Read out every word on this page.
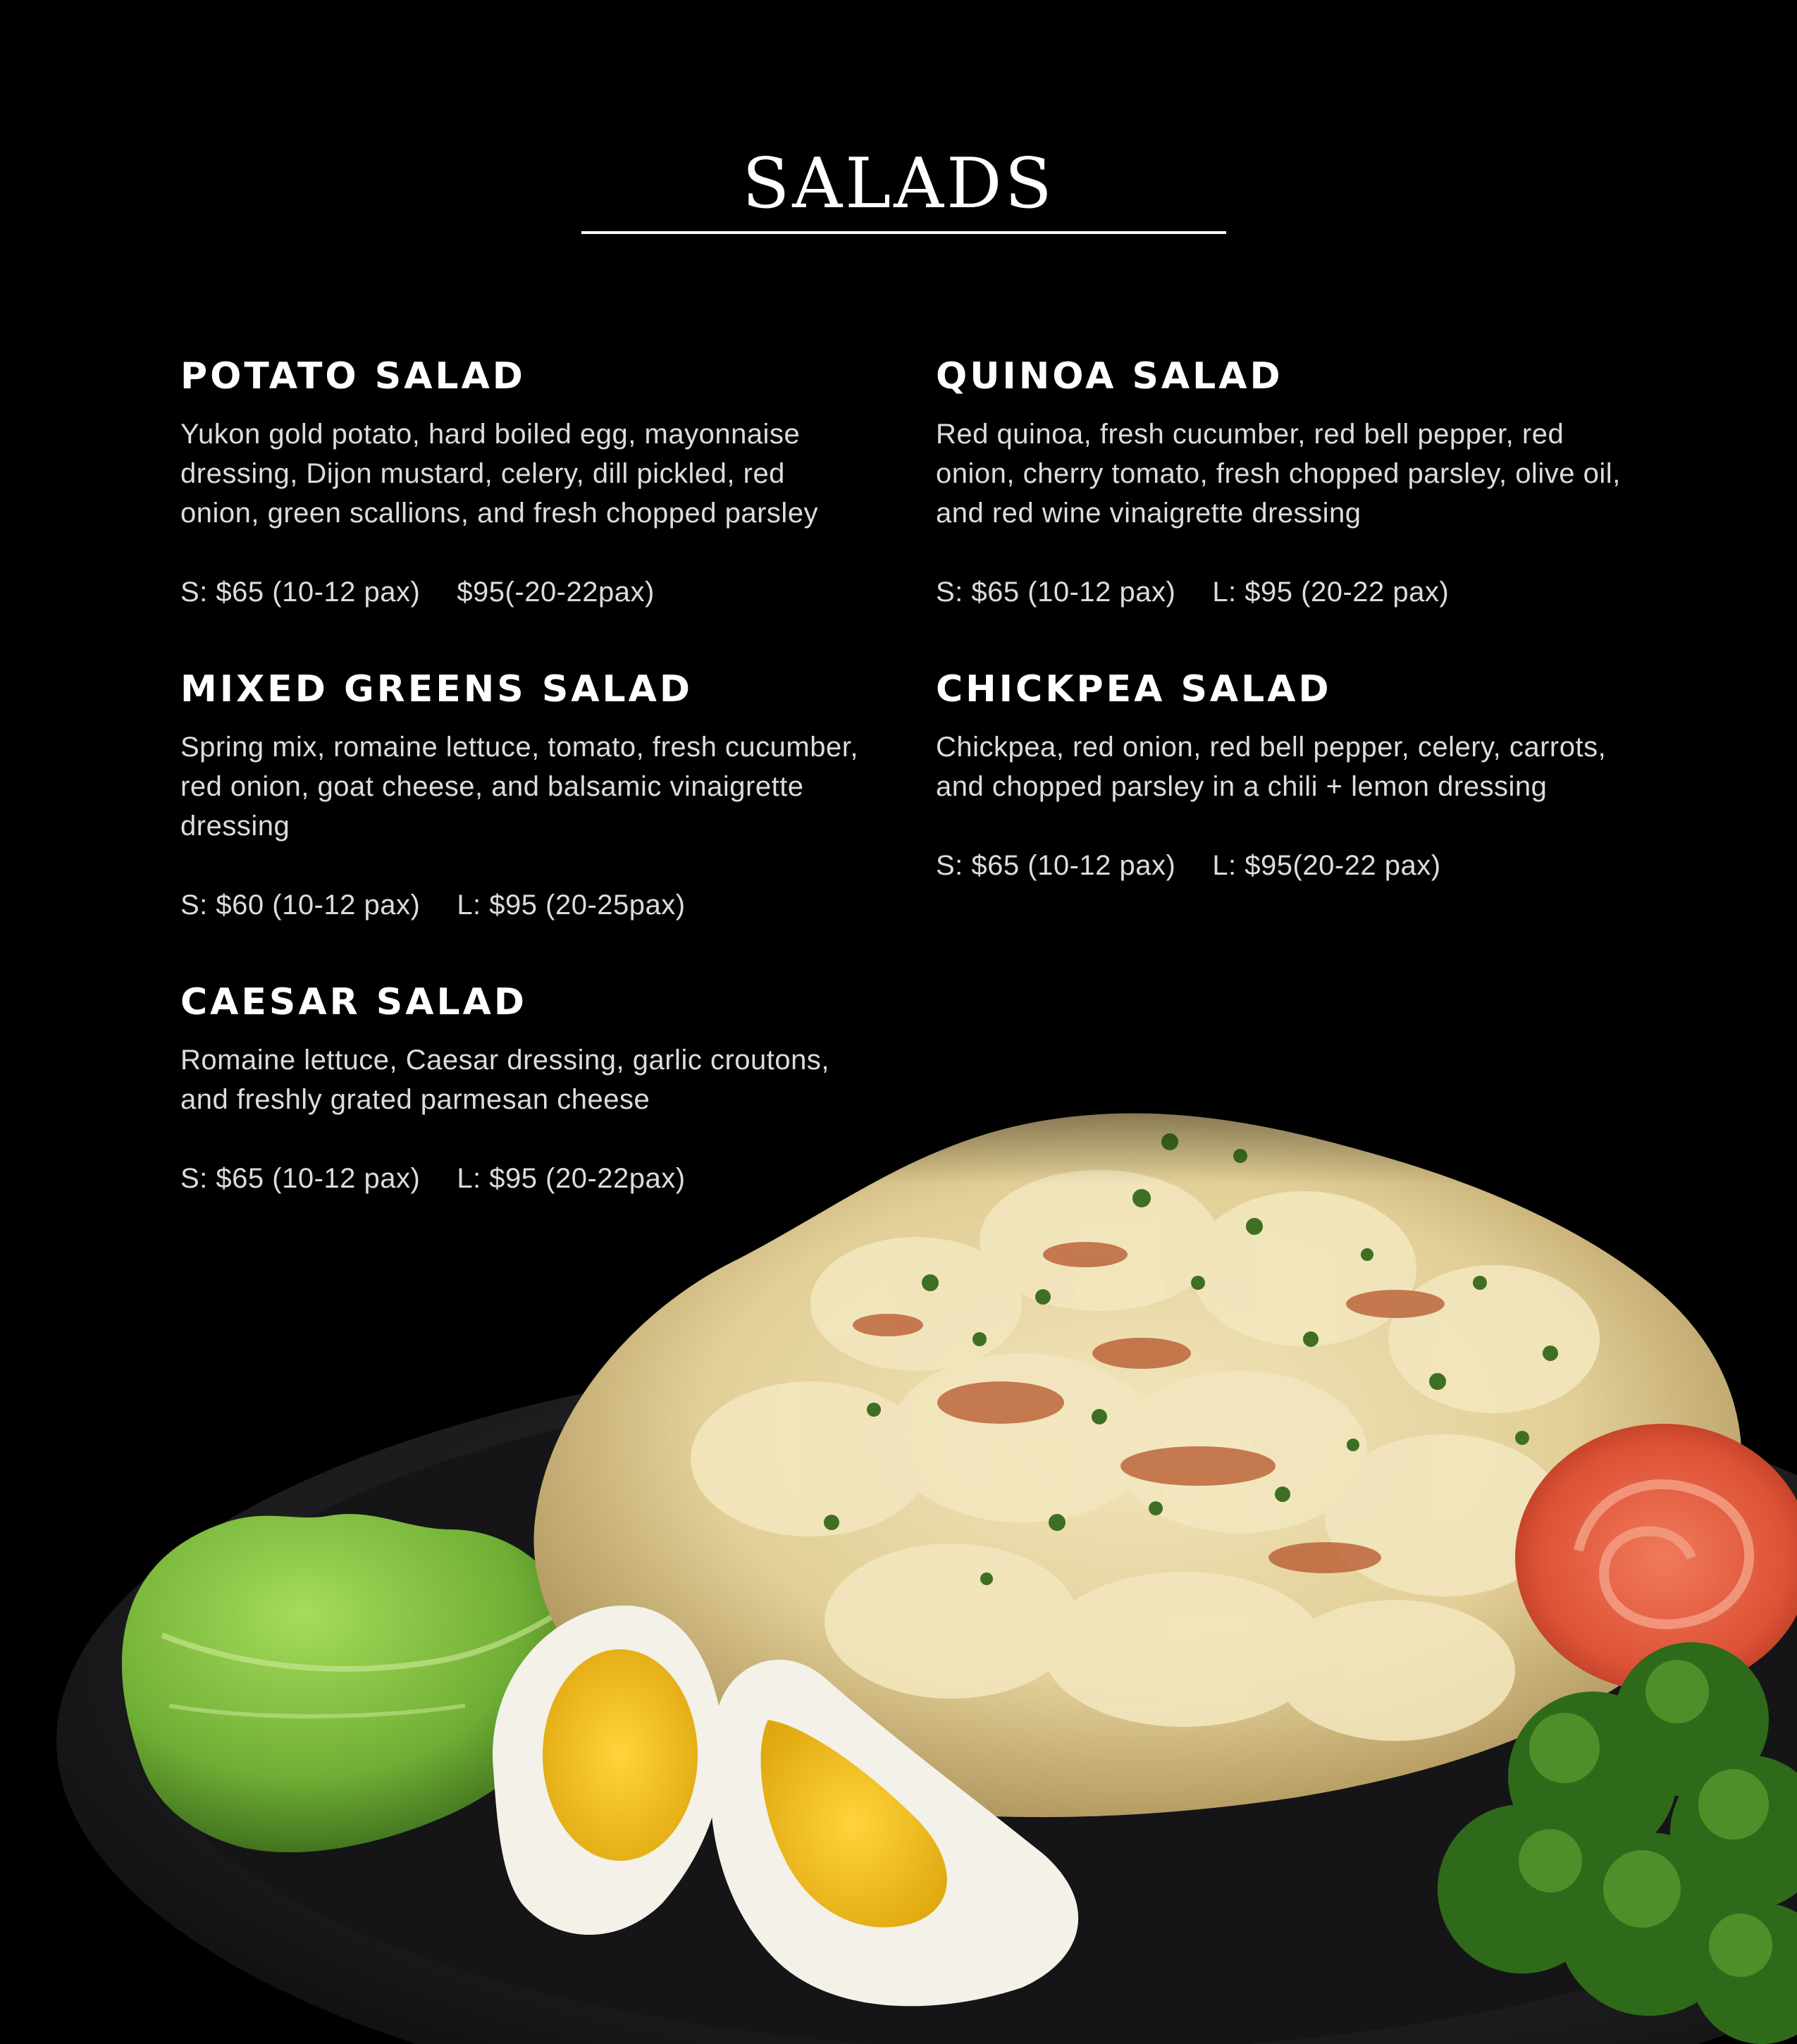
SALADS
POTATO SALAD
Yukon gold potato, hard boiled egg, mayonnaise dressing, Dijon mustard, celery, dill pickled, red onion, green scallions, and fresh chopped parsley
S: $65 (10-12 pax) $95(-20-22pax)
QUINOA SALAD
Red quinoa, fresh cucumber, red bell pepper, red onion, cherry tomato, fresh chopped parsley, olive oil, and red wine vinaigrette dressing
S: $65 (10-12 pax) L: $95 (20-22 pax)
MIXED GREENS SALAD
Spring mix, romaine lettuce, tomato, fresh cucumber, red onion, goat cheese, and balsamic vinaigrette dressing
S: $60 (10-12 pax) L: $95 (20-25pax)
CHICKPEA SALAD
Chickpea, red onion, red bell pepper, celery, carrots, and chopped parsley in a chili + lemon dressing
S: $65 (10-12 pax) L: $95(20-22 pax)
CAESAR SALAD
Romaine lettuce, Caesar dressing, garlic croutons, and freshly grated parmesan cheese
S: $65 (10-12 pax) L: $95 (20-22pax)
